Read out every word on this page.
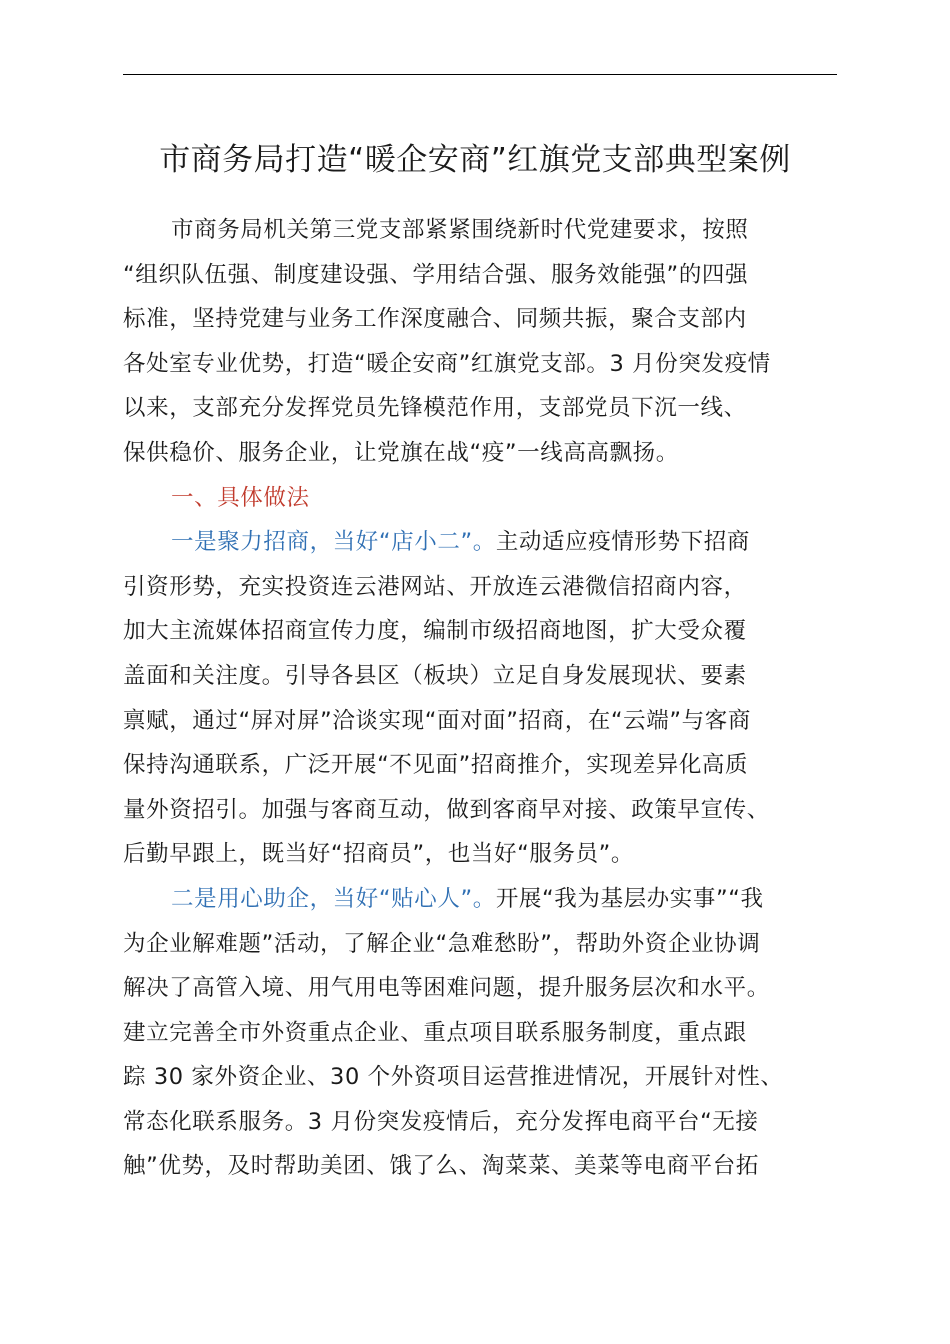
市商务局打造“暖企安商”红旗党支部典型案例
市商务局机关第三党支部紧紧围绕新时代党建要求，按照
“组织队伍强、制度建设强、学用结合强、服务效能强”的四强
标准，坚持党建与业务工作深度融合、同频共振，聚合支部内
各处室专业优势，打造“暖企安商”红旗党支部。3 月份突发疫情
以来，支部充分发挥党员先锋模范作用，支部党员下沉一线、
保供稳价、服务企业，让党旗在战“疫”一线高高飘扬。
一、具体做法
一是聚力招商，当好“店小二”。主动适应疫情形势下招商
引资形势，充实投资连云港网站、开放连云港微信招商内容，
加大主流媒体招商宣传力度，编制市级招商地图，扩大受众覆
盖面和关注度。引导各县区（板块）立足自身发展现状、要素
禀赋，通过“屏对屏”洽谈实现“面对面”招商，在“云端”与客商
保持沟通联系，广泛开展“不见面”招商推介，实现差异化高质
量外资招引。加强与客商互动，做到客商早对接、政策早宣传、
后勤早跟上，既当好“招商员”，也当好“服务员”。
二是用心助企，当好“贴心人”。开展“我为基层办实事”“我
为企业解难题”活动，了解企业“急难愁盼”，帮助外资企业协调
解决了高管入境、用气用电等困难问题，提升服务层次和水平。
建立完善全市外资重点企业、重点项目联系服务制度，重点跟
踪 30 家外资企业、30 个外资项目运营推进情况，开展针对性、
常态化联系服务。3 月份突发疫情后，充分发挥电商平台“无接
触”优势，及时帮助美团、饿了么、淘菜菜、美菜等电商平台拓
